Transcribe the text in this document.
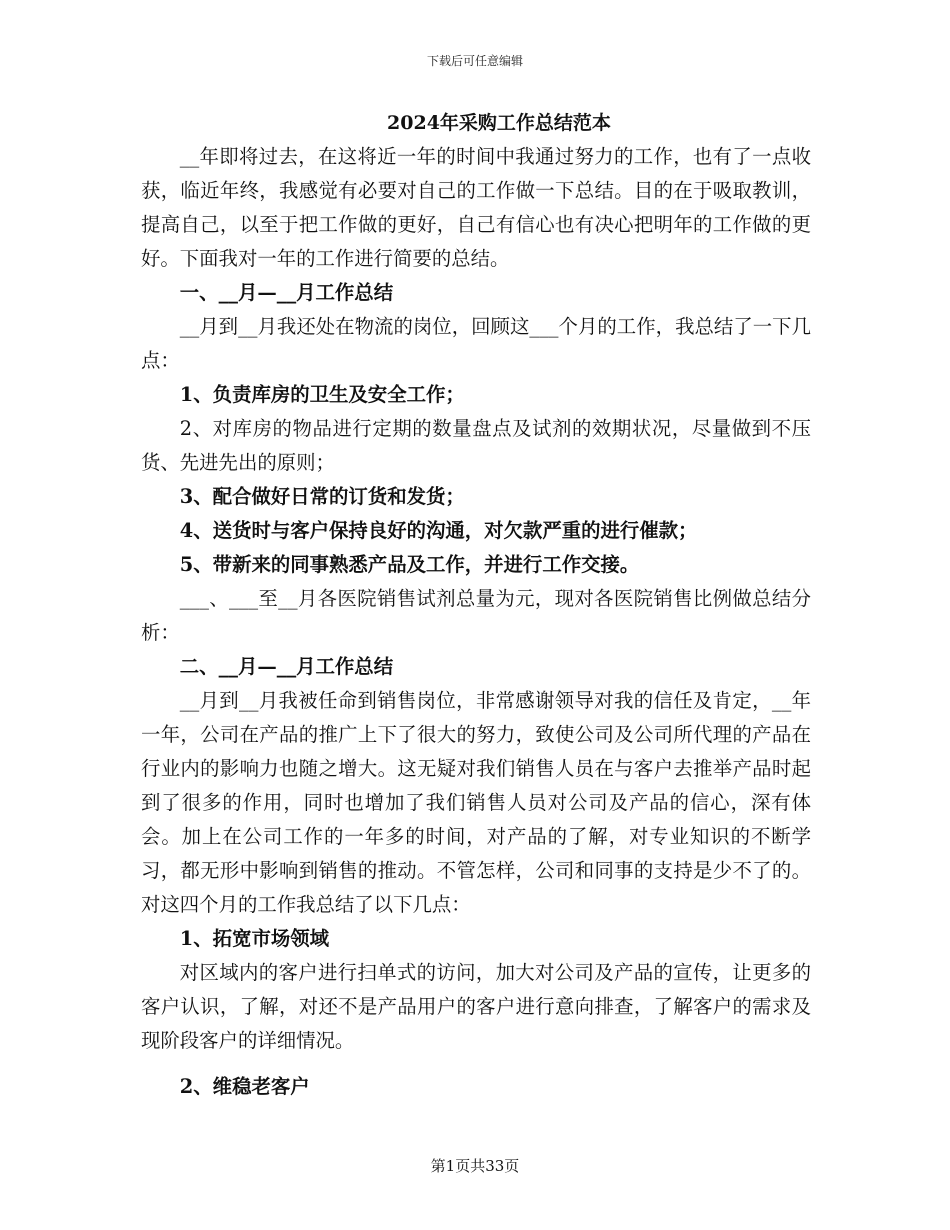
下载后可任意编辑
2024年采购工作总结范本

__年即将过去，在这将近一年的时间中我通过努力的工作，也有了一点收获，临近年终，我感觉有必要对自己的工作做一下总结。目的在于吸取教训，提高自己，以至于把工作做的更好，自己有信心也有决心把明年的工作做的更好。下面我对一年的工作进行简要的总结。

一、__月—__月工作总结

__月到__月我还处在物流的岗位，回顾这___个月的工作，我总结了一下几点：

1、负责库房的卫生及安全工作；

2、对库房的物品进行定期的数量盘点及试剂的效期状况，尽量做到不压货、先进先出的原则；

3、配合做好日常的订货和发货；

4、送货时与客户保持良好的沟通，对欠款严重的进行催款；

5、带新来的同事熟悉产品及工作，并进行工作交接。

___、___至__月各医院销售试剂总量为元，现对各医院销售比例做总结分析：

二、__月—__月工作总结

__月到__月我被任命到销售岗位，非常感谢领导对我的信任及肯定，__年一年，公司在产品的推广上下了很大的努力，致使公司及公司所代理的产品在行业内的影响力也随之增大。这无疑对我们销售人员在与客户去推举产品时起到了很多的作用，同时也增加了我们销售人员对公司及产品的信心，深有体会。加上在公司工作的一年多的时间，对产品的了解，对专业知识的不断学习，都无形中影响到销售的推动。不管怎样，公司和同事的支持是少不了的。对这四个月的工作我总结了以下几点：

1、拓宽市场领域

对区域内的客户进行扫单式的访问，加大对公司及产品的宣传，让更多的客户认识，了解，对还不是产品用户的客户进行意向排查，了解客户的需求及现阶段客户的详细情况。

2、维稳老客户

第1页共33页
